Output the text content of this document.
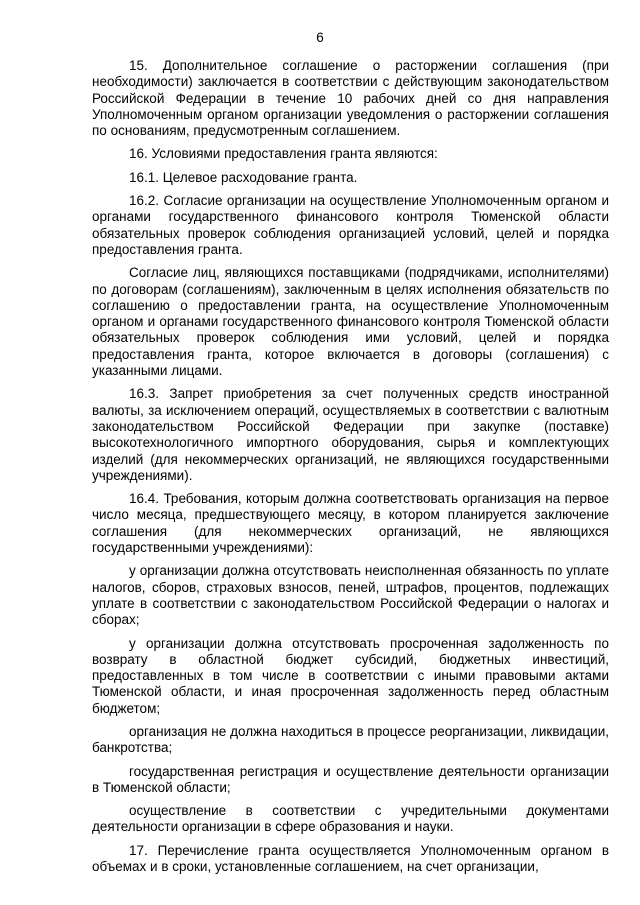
6

15. Дополнительное соглашение о расторжении соглашения (при необходимости) заключается в соответствии с действующим законодательством Российской Федерации в течение 10 рабочих дней со дня направления Уполномоченным органом организации уведомления о расторжении соглашения по основаниям, предусмотренным соглашением.

16. Условиями предоставления гранта являются:

16.1. Целевое расходование гранта.

16.2. Согласие организации на осуществление Уполномоченным органом и органами государственного финансового контроля Тюменской области обязательных проверок соблюдения организацией условий, целей и порядка предоставления гранта.

Согласие лиц, являющихся поставщиками (подрядчиками, исполнителями) по договорам (соглашениям), заключенным в целях исполнения обязательств по соглашению о предоставлении гранта, на осуществление Уполномоченным органом и органами государственного финансового контроля Тюменской области обязательных проверок соблюдения ими условий, целей и порядка предоставления гранта, которое включается в договоры (соглашения) с указанными лицами.

16.3. Запрет приобретения за счет полученных средств иностранной валюты, за исключением операций, осуществляемых в соответствии с валютным законодательством Российской Федерации при закупке (поставке) высокотехнологичного импортного оборудования, сырья и комплектующих изделий (для некоммерческих организаций, не являющихся государственными учреждениями).

16.4. Требования, которым должна соответствовать организация на первое число месяца, предшествующего месяцу, в котором планируется заключение соглашения (для некоммерческих организаций, не являющихся государственными учреждениями):

у организации должна отсутствовать неисполненная обязанность по уплате налогов, сборов, страховых взносов, пеней, штрафов, процентов, подлежащих уплате в соответствии с законодательством Российской Федерации о налогах и сборах;

у организации должна отсутствовать просроченная задолженность по возврату в областной бюджет субсидий, бюджетных инвестиций, предоставленных в том числе в соответствии с иными правовыми актами Тюменской области, и иная просроченная задолженность перед областным бюджетом;

организация не должна находиться в процессе реорганизации, ликвидации, банкротства;

государственная регистрация и осуществление деятельности организации в Тюменской области;

осуществление в соответствии с учредительными документами деятельности организации в сфере образования и науки.

17. Перечисление гранта осуществляется Уполномоченным органом в объемах и в сроки, установленные соглашением, на счет организации,
